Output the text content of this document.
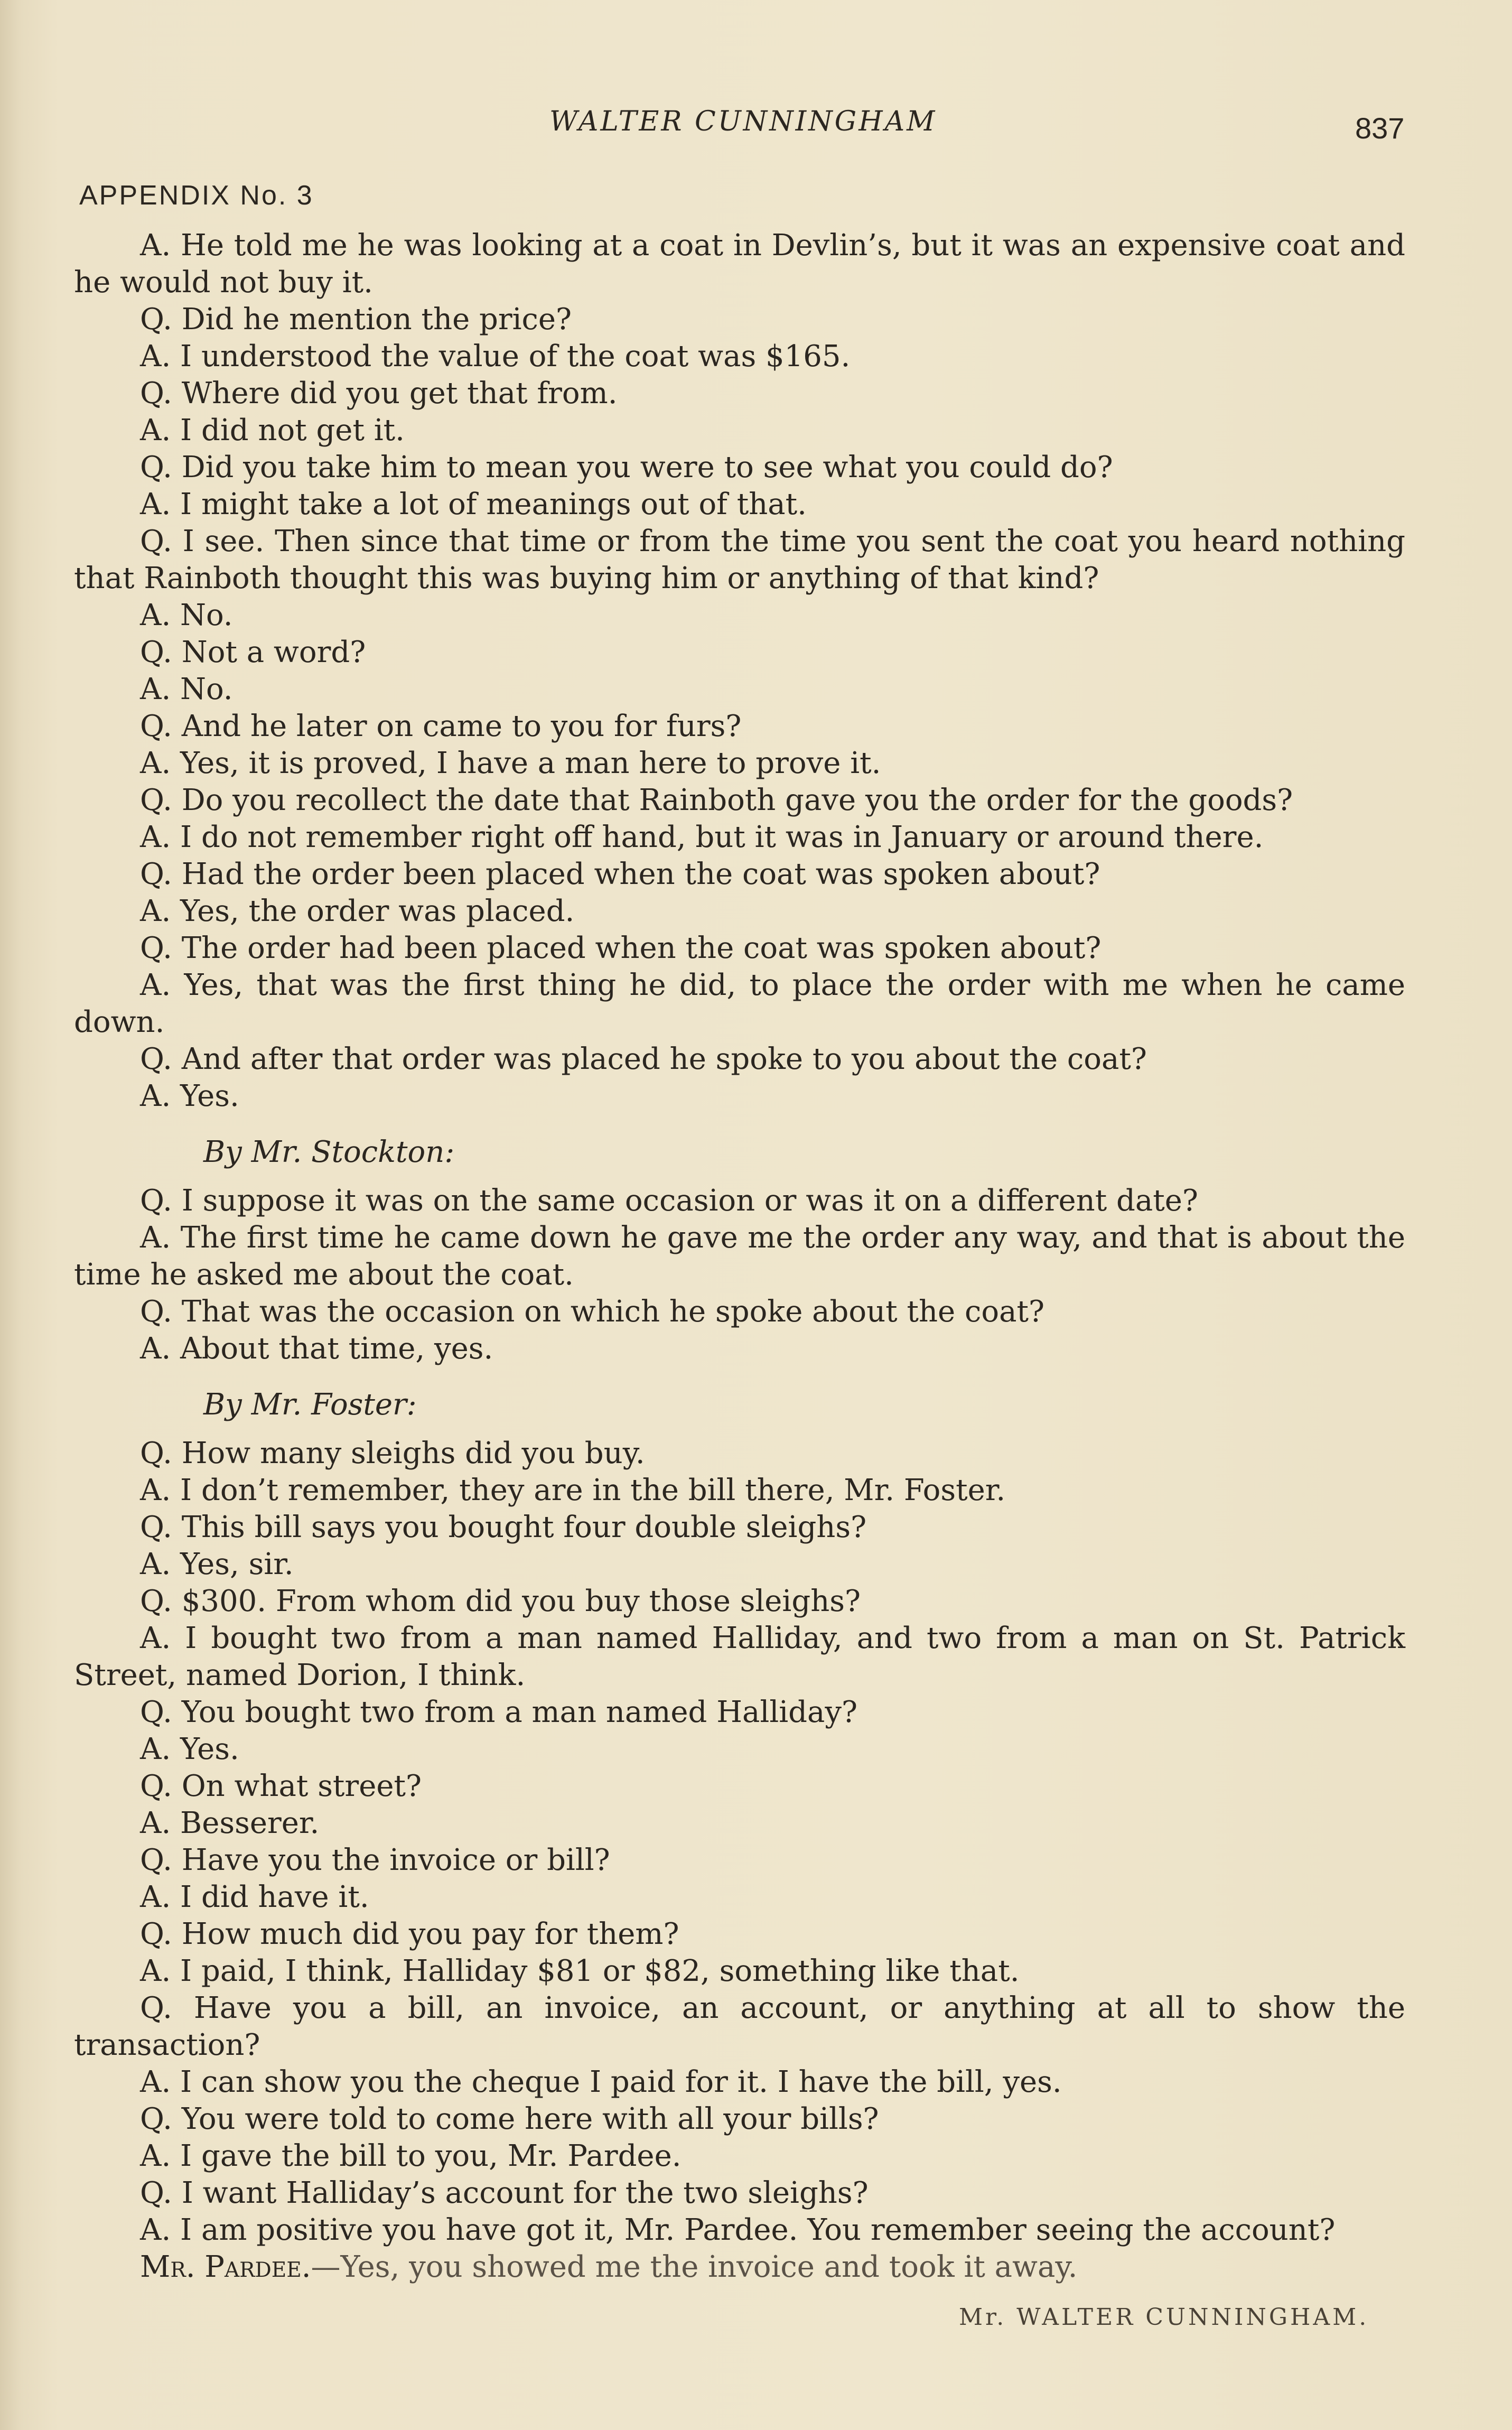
WALTER CUNNINGHAM	837
APPENDIX No. 3

A. He told me he was looking at a coat in Devlin’s, but it was an expensive coat and he would not buy it.

Q. Did he mention the price?

A. I understood the value of the coat was $165.

Q. Where did you get that from.

A. I did not get it.

Q. Did you take him to mean you were to see what you could do?

A. I might take a lot of meanings out of that.

Q. I see. Then since that time or from the time you sent the coat you heard nothing that Rainboth thought this was buying him or anything of that kind?

A. No.

Q. Not a word?

A. No.

Q. And he later on came to you for furs?

A. Yes, it is proved, I have a man here to prove it.

Q. Do you recollect the date that Rainboth gave you the order for the goods?

A. I do not remember right off hand, but it was in January or around there.

Q. Had the order been placed when the coat was spoken about?

A. Yes, the order was placed.

Q. The order had been placed when the coat was spoken about?

A. Yes, that was the first thing he did, to place the order with me when he came down.

Q. And after that order was placed he spoke to you about the coat?

A. Yes.

By Mr. Stockton:

Q. I suppose it was on the same occasion or was it on a different date?

A. The first time he came down he gave me the order any way, and that is about the time he asked me about the coat.

Q. That was the occasion on which he spoke about the coat?

A. About that time, yes.

By Mr. Foster:

Q. How many sleighs did you buy.

A. I don’t remember, they are in the bill there, Mr. Foster.

Q. This bill says you bought four double sleighs?

A. Yes, sir.

Q. $300. From whom did you buy those sleighs?

A. I bought two from a man named Halliday, and two from a man on St. Patrick Street, named Dorion, I think.

Q. You bought two from a man named Halliday?

A. Yes.

Q. On what street?

A. Besserer.

Q. Have you the invoice or bill?

A. I did have it.

Q. How much did you pay for them?

A. I paid, I think, Halliday $81 or $82, something like that.

Q. Have you a bill, an invoice, an account, or anything at all to show the transaction?

A. I can show you the cheque I paid for it. I have the bill, yes.

Q. You were told to come here with all your bills?

A. I gave the bill to you, Mr. Pardee.

Q. I want Halliday’s account for the two sleighs?

A. I am positive you have got it, Mr. Pardee. You remember seeing the account?

Mr. Pardee.—Yes, you showed me the invoice and took it away.

Mr. WALTER CUNNINGHAM.
